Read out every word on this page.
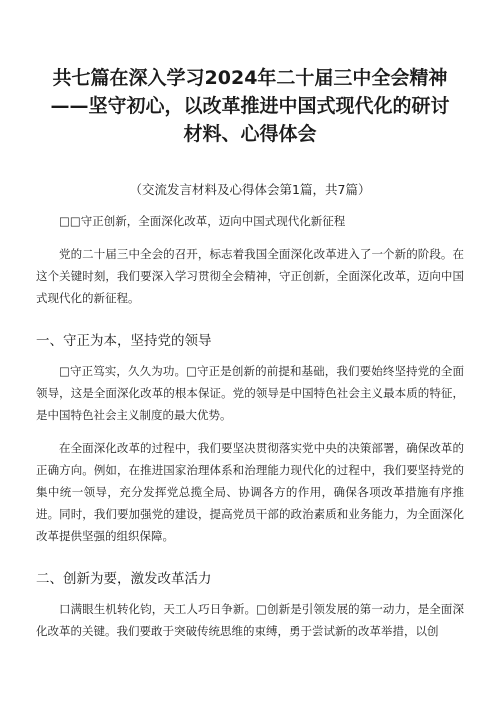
共七篇在深入学习2024年二十届三中全会精神——坚守初心，以改革推进中国式现代化的研讨材料、心得体会
（交流发言材料及心得体会第1篇，共7篇）

□□守正创新，全面深化改革，迈向中国式现代化新征程

党的二十届三中全会的召开，标志着我国全面深化改革进入了一个新的阶段。在这个关键时刻，我们要深入学习贯彻全会精神，守正创新，全面深化改革，迈向中国式现代化的新征程。

一、守正为本，坚持党的领导

□守正笃实，久久为功。□守正是创新的前提和基础，我们要始终坚持党的全面领导，这是全面深化改革的根本保证。党的领导是中国特色社会主义最本质的特征，是中国特色社会主义制度的最大优势。

在全面深化改革的过程中，我们要坚决贯彻落实党中央的决策部署，确保改革的正确方向。例如，在推进国家治理体系和治理能力现代化的过程中，我们要坚持党的集中统一领导，充分发挥党总揽全局、协调各方的作用，确保各项改革措施有序推进。同时，我们要加强党的建设，提高党员干部的政治素质和业务能力，为全面深化改革提供坚强的组织保障。

二、创新为要，激发改革活力

口满眼生机转化钧，天工人巧日争新。□创新是引领发展的第一动力，是全面深化改革的关键。我们要敢于突破传统思维的束缚，勇于尝试新的改革举措，以创
